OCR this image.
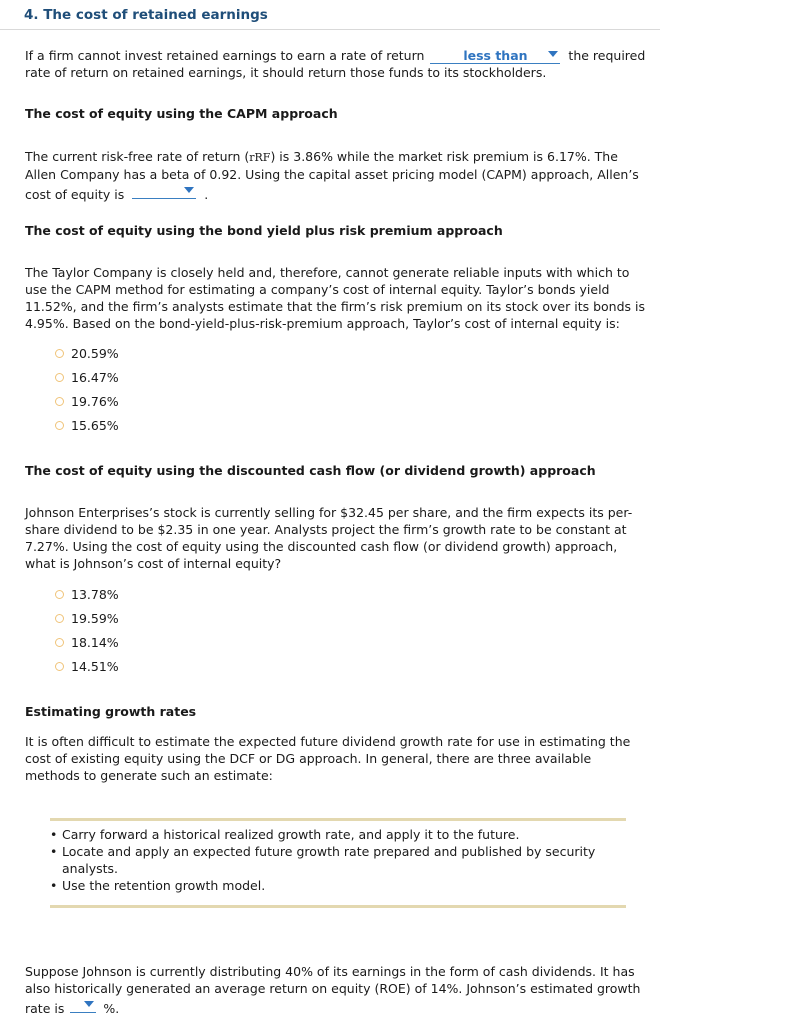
4. The cost of retained earnings
If a firm cannot invest retained earnings to earn a rate of return	less than	the required
rate of return on retained earnings, it should return those funds to its stockholders.
The cost of equity using the CAPM approach
The current risk-free rate of return (rRF) is 3.86% while the market risk premium is 6.17%. The
Allen Company has a beta of 0.92. Using the capital asset pricing model (CAPM) approach, Allen’s
cost of equity is	.
The cost of equity using the bond yield plus risk premium approach
The Taylor Company is closely held and, therefore, cannot generate reliable inputs with which to
use the CAPM method for estimating a company’s cost of internal equity. Taylor’s bonds yield
11.52%, and the firm’s analysts estimate that the firm’s risk premium on its stock over its bonds is
4.95%. Based on the bond-yield-plus-risk-premium approach, Taylor’s cost of internal equity is:
20.59%
16.47%
19.76%
15.65%
The cost of equity using the discounted cash flow (or dividend growth) approach
Johnson Enterprises’s stock is currently selling for $32.45 per share, and the firm expects its per-
share dividend to be $2.35 in one year. Analysts project the firm’s growth rate to be constant at
7.27%. Using the cost of equity using the discounted cash flow (or dividend growth) approach,
what is Johnson’s cost of internal equity?
13.78%
19.59%
18.14%
14.51%
Estimating growth rates
It is often difficult to estimate the expected future dividend growth rate for use in estimating the
cost of existing equity using the DCF or DG approach. In general, there are three available
methods to generate such an estimate:
• Carry forward a historical realized growth rate, and apply it to the future.
• Locate and apply an expected future growth rate prepared and published by security analysts.
• Use the retention growth model.
Suppose Johnson is currently distributing 40% of its earnings in the form of cash dividends. It has
also historically generated an average return on equity (ROE) of 14%. Johnson’s estimated growth
rate is	%.
